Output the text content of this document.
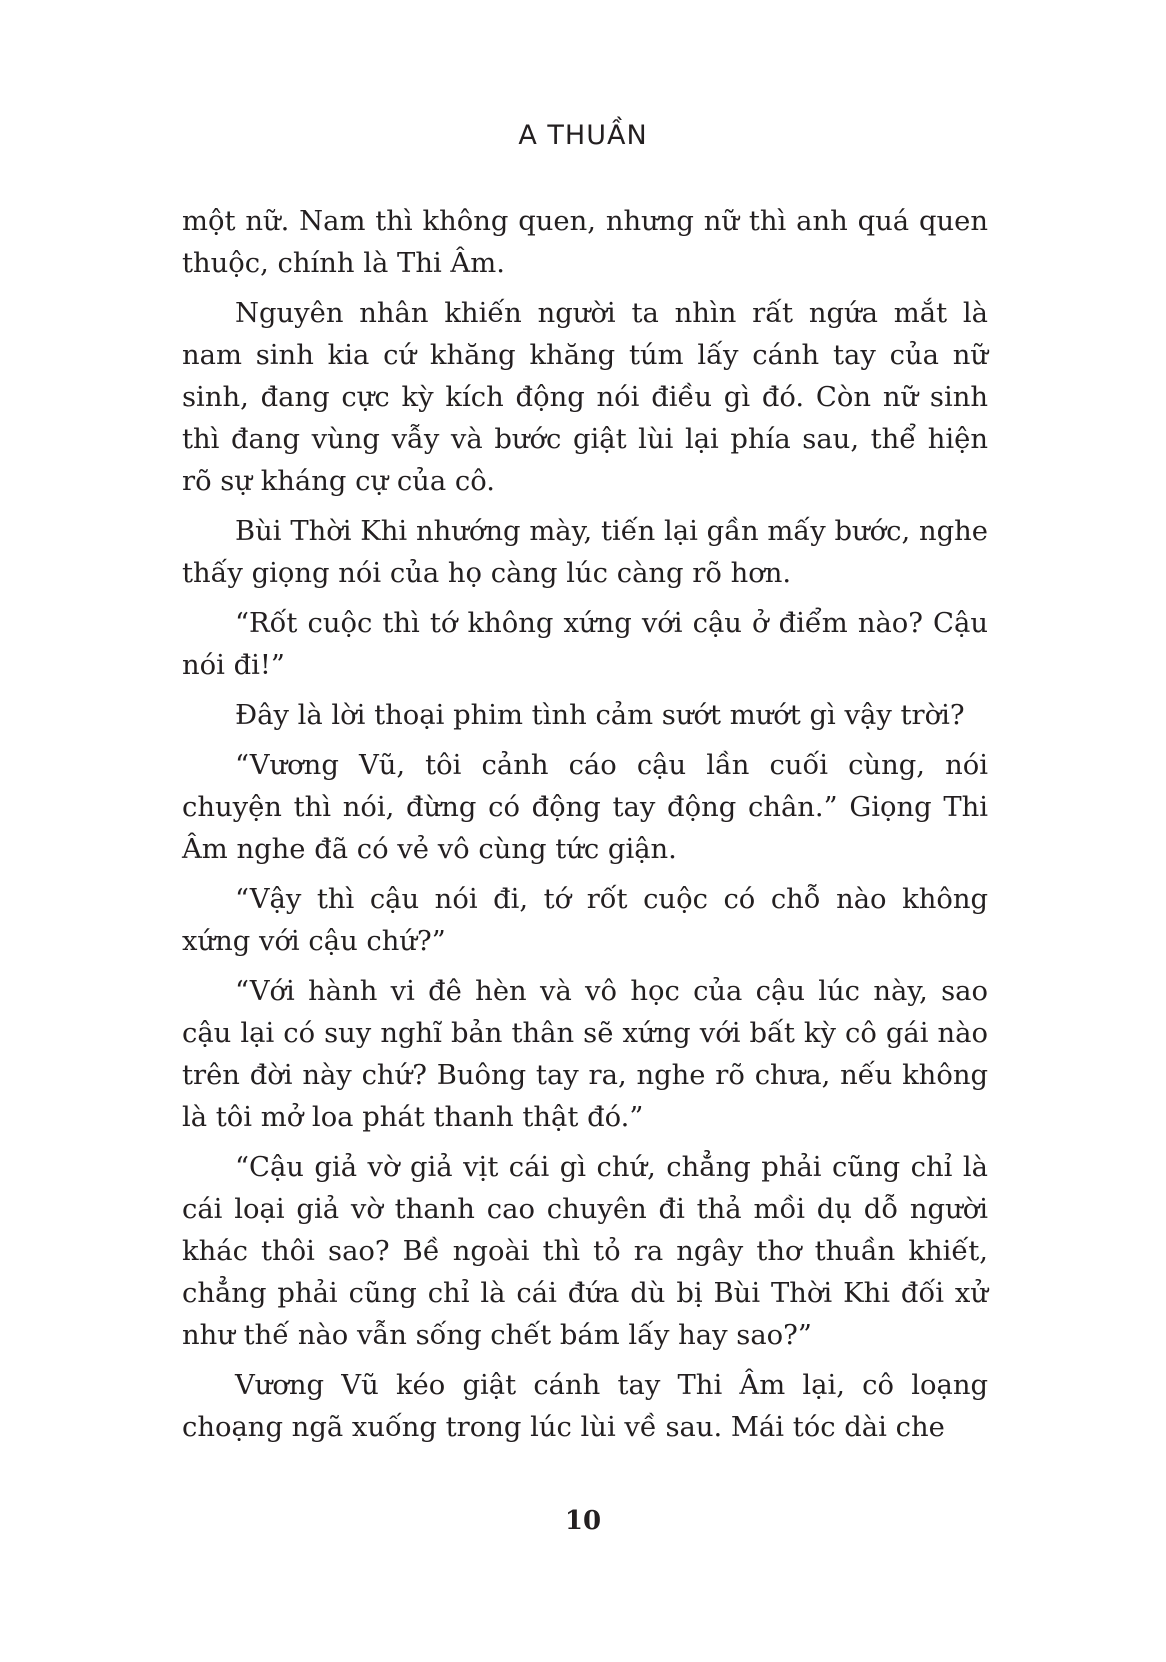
A THUẦN

một nữ. Nam thì không quen, nhưng nữ thì anh quá quen thuộc, chính là Thi Âm.

Nguyên nhân khiến người ta nhìn rất ngứa mắt là nam sinh kia cứ khăng khăng túm lấy cánh tay của nữ sinh, đang cực kỳ kích động nói điều gì đó. Còn nữ sinh thì đang vùng vẫy và bước giật lùi lại phía sau, thể hiện rõ sự kháng cự của cô.

Bùi Thời Khi nhướng mày, tiến lại gần mấy bước, nghe thấy giọng nói của họ càng lúc càng rõ hơn.

“Rốt cuộc thì tớ không xứng với cậu ở điểm nào? Cậu nói đi!”

Đây là lời thoại phim tình cảm sướt mướt gì vậy trời?

“Vương Vũ, tôi cảnh cáo cậu lần cuối cùng, nói chuyện thì nói, đừng có động tay động chân.” Giọng Thi Âm nghe đã có vẻ vô cùng tức giận.

“Vậy thì cậu nói đi, tớ rốt cuộc có chỗ nào không xứng với cậu chứ?”

“Với hành vi đê hèn và vô học của cậu lúc này, sao cậu lại có suy nghĩ bản thân sẽ xứng với bất kỳ cô gái nào trên đời này chứ? Buông tay ra, nghe rõ chưa, nếu không là tôi mở loa phát thanh thật đó.”

“Cậu giả vờ giả vịt cái gì chứ, chẳng phải cũng chỉ là cái loại giả vờ thanh cao chuyên đi thả mồi dụ dỗ người khác thôi sao? Bề ngoài thì tỏ ra ngây thơ thuần khiết, chẳng phải cũng chỉ là cái đứa dù bị Bùi Thời Khi đối xử như thế nào vẫn sống chết bám lấy hay sao?”

Vương Vũ kéo giật cánh tay Thi Âm lại, cô loạng choạng ngã xuống trong lúc lùi về sau. Mái tóc dài che

10
